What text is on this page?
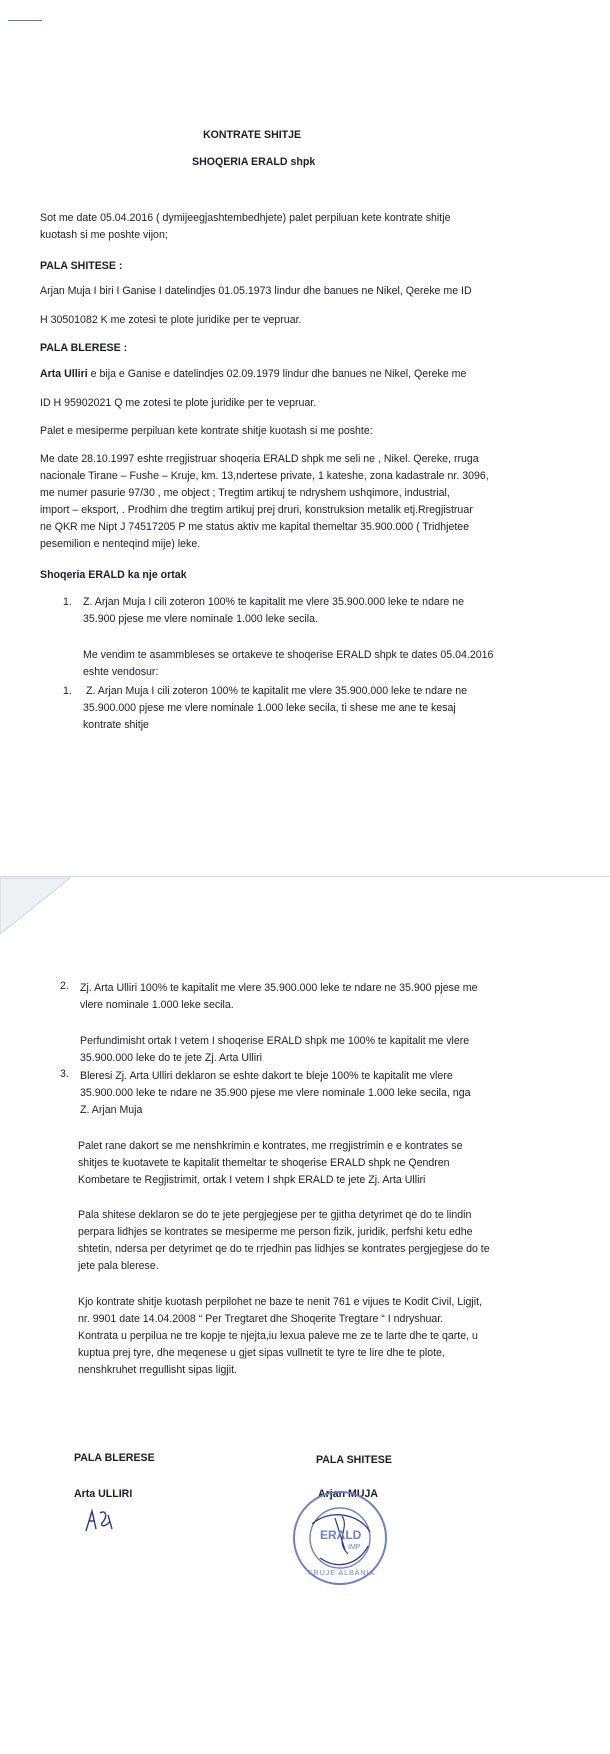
KONTRATE SHITJE
SHOQERIA ERALD shpk
Sot me date 05.04.2016 ( dymijeegjashtembedhjete) palet perpiluan kete kontrate shitje
kuotash si me poshte vijon;
PALA SHITESE :
Arjan Muja I biri I Ganise I datelindjes 01.05.1973 lindur dhe banues ne Nikel, Qereke me ID
H 30501082 K me zotesi te plote juridike per te vepruar.
PALA BLERESE :
Arta Ulliri e bija e Ganise e datelindjes 02.09.1979 lindur dhe banues ne Nikel, Qereke me
ID H 95902021 Q me zotesi te plote juridike per te vepruar.
Palet e mesiperme perpiluan kete kontrate shitje kuotash si me poshte:
Me date 28.10.1997 eshte rregjistruar shoqeria ERALD shpk me seli ne , Nikel. Qereke, rruga
nacionale Tirane – Fushe – Kruje, km. 13,ndertese private, 1 kateshe, zona kadastrale nr. 3096,
me numer pasurie 97/30 , me object ; Tregtim artikuj te ndryshem ushqimore, industrial,
import – eksport, . Prodhim dhe tregtim artikuj prej druri, konstruksion metalik etj.Rregjistruar
ne QKR me Nipt J 74517205 P me status aktiv me kapital themeltar 35.900.000 ( Tridhjetee
pesemilion e nenteqind mije) leke.
Shoqeria ERALD ka nje ortak
1. Z. Arjan Muja I cili zoteron 100% te kapitalit me vlere 35.900.000 leke te ndare ne
35.900 pjese me vlere nominale 1.000 leke secila.
Me vendim te asammbleses se ortakeve te shoqerise ERALD shpk te dates 05.04.2016
eshte vendosur:
1. Z. Arjan Muja I cili zoteron 100% te kapitalit me vlere 35.900.000 leke te ndare ne
35.900.000 pjese me vlere nominale 1.000 leke secila, ti shese me ane te kesaj
kontrate shitje
2. Zj. Arta Ulliri 100% te kapitalit me vlere 35.900.000 leke te ndare ne 35.900 pjese me
vlere nominale 1.000 leke secila.
Perfundimisht ortak I vetem I shoqerise ERALD shpk me 100% te kapitalit me vlere
35.900.000 leke do te jete Zj. Arta Ulliri
3. Bleresi Zj. Arta Ulliri deklaron se eshte dakort te bleje 100% te kapitalit me vlere
35.900.000 leke te ndare ne 35.900 pjese me vlere nominale 1.000 leke secila, nga
Z. Arjan Muja
Palet rane dakort se me nenshkrimin e kontrates, me rregjistrimin e e kontrates se
shitjes te kuotavete te kapitalit themeltar te shoqerise ERALD shpk ne Qendren
Kombetare te Regjistrimit, ortak I vetem I shpk ERALD te jete Zj. Arta Ulliri
Pala shitese deklaron se do te jete pergjegjese per te gjitha detyrimet qe do te lindin
perpara lidhjes se kontrates se mesiperme me person fizik, juridik, perfshi ketu edhe
shtetin, ndersa per detyrimet qe do te rrjedhin pas lidhjes se kontrates pergjegjese do te
jete pala blerese.
Kjo kontrate shitje kuotash perpilohet ne baze te nenit 761 e vijues te Kodit Civil, Ligjit,
nr. 9901 date 14.04.2008 “ Per Tregtaret dhe Shoqerite Tregtare “ I ndryshuar.
Kontrata u perpilua ne tre kopje te njejta,iu lexua paleve me ze te larte dhe te qarte, u
kuptua prej tyre, dhe meqenese u gjet sipas vullnetit te tyre te lire dhe te plote,
nenshkruhet rregullisht sipas ligjit.
PALA BLERESE
Arta ULLIRI
PALA SHITESE
Arjan MUJA
ERALD
IMP
KRUJE ALBANIA
